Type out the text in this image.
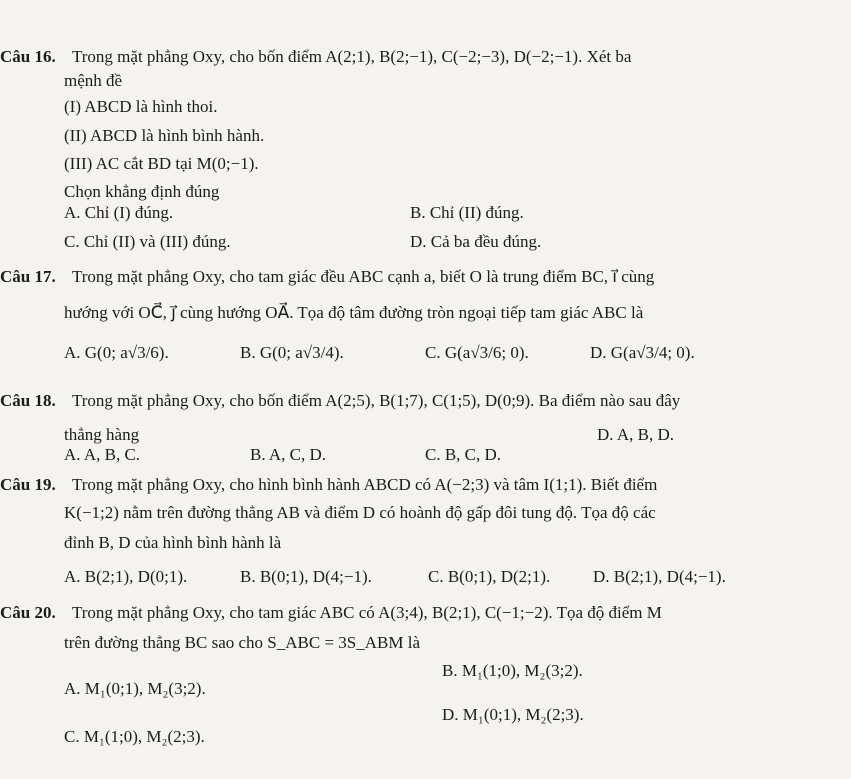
Câu 16. Trong mặt phẳng Oxy, cho bốn điểm A(2;1), B(2;−1), C(−2;−3), D(−2;−1). Xét ba
mệnh đề
(I) ABCD là hình thoi.
(II) ABCD là hình bình hành.
(III) AC cắt BD tại M(0;−1).
Chọn khẳng định đúng
A. Chỉ (I) đúng.	B. Chỉ (II) đúng.
C. Chỉ (II) và (III) đúng.	D. Cả ba đều đúng.
Câu 17. Trong mặt phẳng Oxy, cho tam giác đều ABC cạnh a, biết O là trung điểm BC, i⃗ cùng
hướng với OC⃗, j⃗ cùng hướng OA⃗. Tọa độ tâm đường tròn ngoại tiếp tam giác ABC là
A. G(0; a√3/6).	B. G(0; a√3/4).	C. G(a√3/6; 0).	D. G(a√3/4; 0).
Câu 18. Trong mặt phẳng Oxy, cho bốn điểm A(2;5), B(1;7), C(1;5), D(0;9). Ba điểm nào sau đây
thẳng hàng
A. A, B, C.	B. A, C, D.	C. B, C, D.
D. A, B, D.
Câu 19. Trong mặt phẳng Oxy, cho hình bình hành ABCD có A(−2;3) và tâm I(1;1). Biết điểm
K(−1;2) nằm trên đường thẳng AB và điểm D có hoành độ gấp đôi tung độ. Tọa độ các
đỉnh B, D của hình bình hành là
A. B(2;1), D(0;1).	B. B(0;1), D(4;−1).	C. B(0;1), D(2;1).	D. B(2;1), D(4;−1).
Câu 20. Trong mặt phẳng Oxy, cho tam giác ABC có A(3;4), B(2;1), C(−1;−2). Tọa độ điểm M
trên đường thẳng BC sao cho S_ABC = 3S_ABM là
A. M₁(0;1), M₂(3;2).
B. M₁(1;0), M₂(3;2).
C. M₁(1;0), M₂(2;3).
D. M₁(0;1), M₂(2;3).
